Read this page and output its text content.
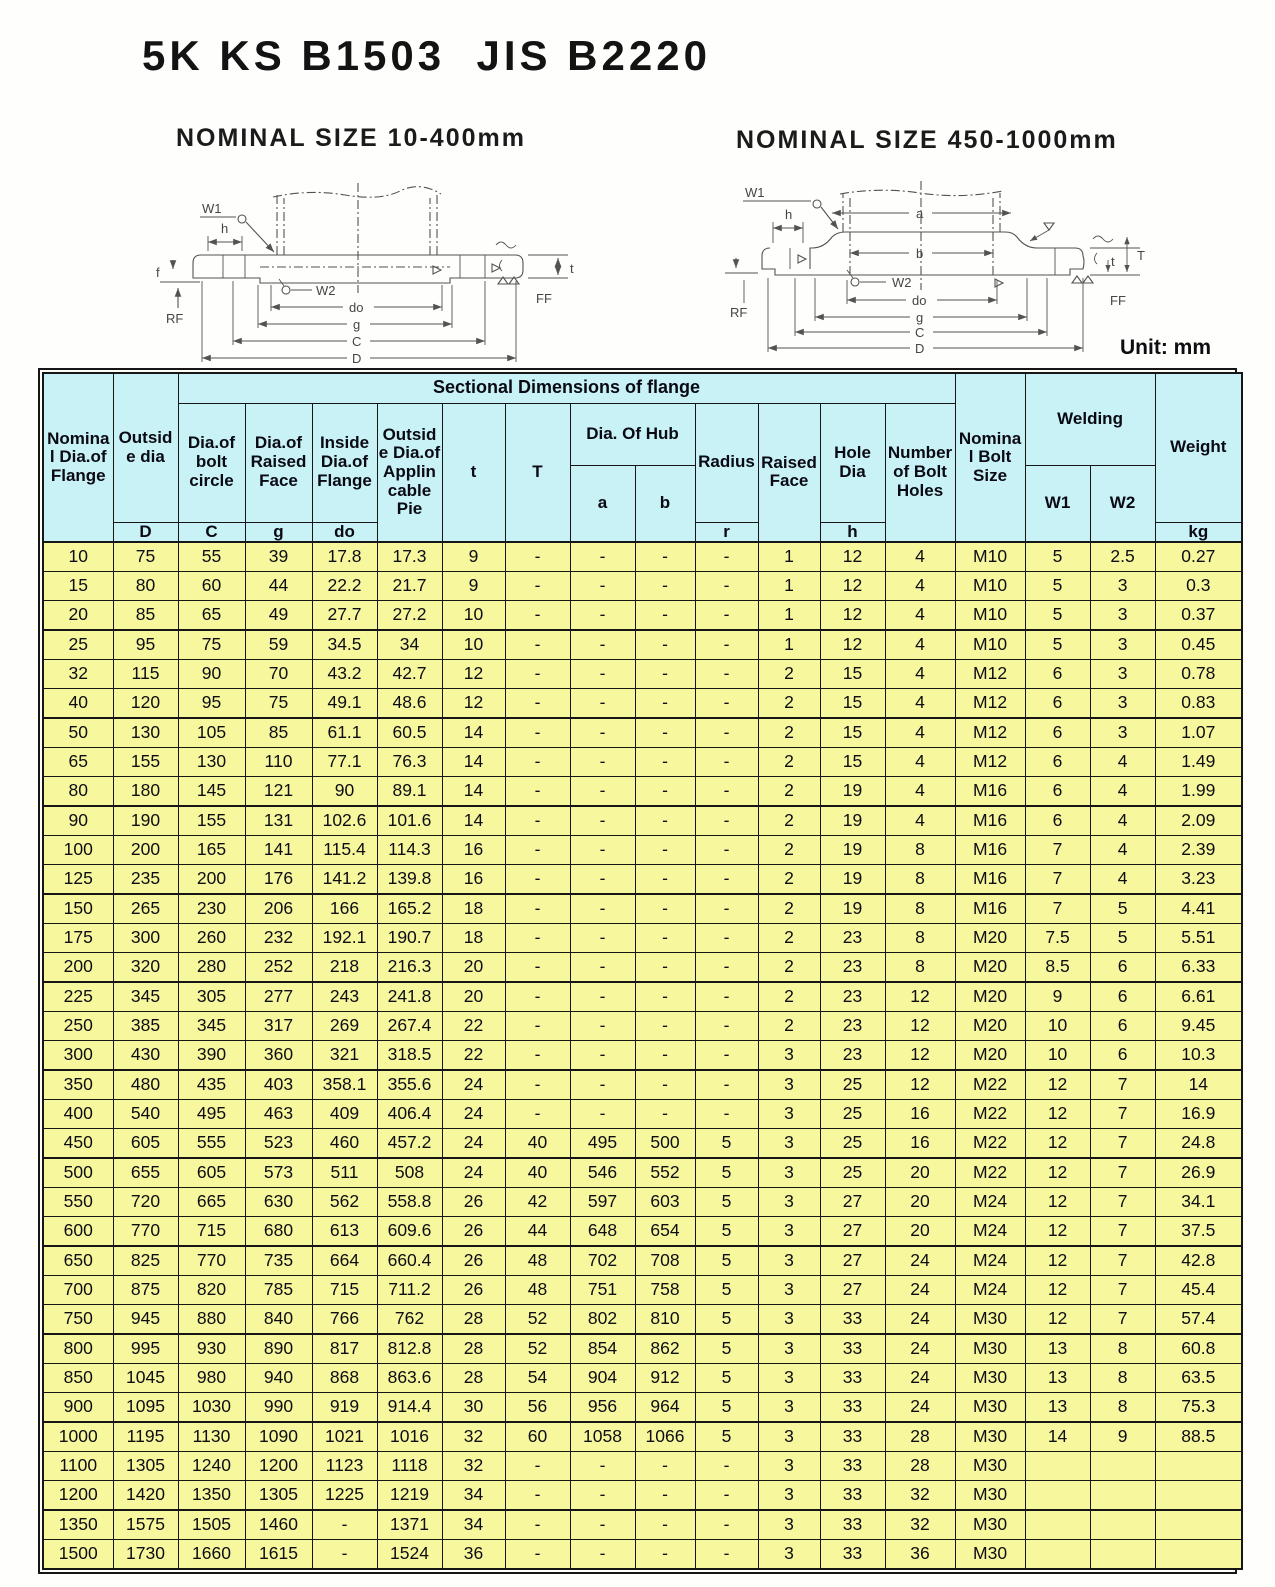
5K KS B1503  JIS B2220
NOMINAL SIZE 10-400mm	NOMINAL SIZE 450-1000mm
W1
W2
h
f
RF
t
FF
do
g
C
D
a
b
W1
W2
h
RF
T
t
FF
do
g
C
D	Unit: mm
Nominal Dia.of Flange	Outside dia	Sectional Dimensions of flange												Nominal Bolt Size	Welding		Weight
		Dia.of bolt circle	Dia.of Raised Face	Inside Dia.of Flange	Outside Dia.of Applincable Pie	t	T	Dia. Of Hub		Radius	Raised Face	Hole Dia	Number of Bolt Holes				
								a	b						W1	W2	
	D	C	g	do						r		h					kg
10	75	55	39	17.8	17.3	9	-	-	-	-	1	12	4	M10	5	2.5	0.27
15	80	60	44	22.2	21.7	9	-	-	-	-	1	12	4	M10	5	3	0.3
20	85	65	49	27.7	27.2	10	-	-	-	-	1	12	4	M10	5	3	0.37
25	95	75	59	34.5	34	10	-	-	-	-	1	12	4	M10	5	3	0.45
32	115	90	70	43.2	42.7	12	-	-	-	-	2	15	4	M12	6	3	0.78
40	120	95	75	49.1	48.6	12	-	-	-	-	2	15	4	M12	6	3	0.83
50	130	105	85	61.1	60.5	14	-	-	-	-	2	15	4	M12	6	3	1.07
65	155	130	110	77.1	76.3	14	-	-	-	-	2	15	4	M12	6	4	1.49
80	180	145	121	90	89.1	14	-	-	-	-	2	19	4	M16	6	4	1.99
90	190	155	131	102.6	101.6	14	-	-	-	-	2	19	4	M16	6	4	2.09
100	200	165	141	115.4	114.3	16	-	-	-	-	2	19	8	M16	7	4	2.39
125	235	200	176	141.2	139.8	16	-	-	-	-	2	19	8	M16	7	4	3.23
150	265	230	206	166	165.2	18	-	-	-	-	2	19	8	M16	7	5	4.41
175	300	260	232	192.1	190.7	18	-	-	-	-	2	23	8	M20	7.5	5	5.51
200	320	280	252	218	216.3	20	-	-	-	-	2	23	8	M20	8.5	6	6.33
225	345	305	277	243	241.8	20	-	-	-	-	2	23	12	M20	9	6	6.61
250	385	345	317	269	267.4	22	-	-	-	-	2	23	12	M20	10	6	9.45
300	430	390	360	321	318.5	22	-	-	-	-	3	23	12	M20	10	6	10.3
350	480	435	403	358.1	355.6	24	-	-	-	-	3	25	12	M22	12	7	14
400	540	495	463	409	406.4	24	-	-	-	-	3	25	16	M22	12	7	16.9
450	605	555	523	460	457.2	24	40	495	500	5	3	25	16	M22	12	7	24.8
500	655	605	573	511	508	24	40	546	552	5	3	25	20	M22	12	7	26.9
550	720	665	630	562	558.8	26	42	597	603	5	3	27	20	M24	12	7	34.1
600	770	715	680	613	609.6	26	44	648	654	5	3	27	20	M24	12	7	37.5
650	825	770	735	664	660.4	26	48	702	708	5	3	27	24	M24	12	7	42.8
700	875	820	785	715	711.2	26	48	751	758	5	3	27	24	M24	12	7	45.4
750	945	880	840	766	762	28	52	802	810	5	3	33	24	M30	12	7	57.4
800	995	930	890	817	812.8	28	52	854	862	5	3	33	24	M30	13	8	60.8
850	1045	980	940	868	863.6	28	54	904	912	5	3	33	24	M30	13	8	63.5
900	1095	1030	990	919	914.4	30	56	956	964	5	3	33	24	M30	13	8	75.3
1000	1195	1130	1090	1021	1016	32	60	1058	1066	5	3	33	28	M30	14	9	88.5
1100	1305	1240	1200	1123	1118	32	-	-	-	-	3	33	28	M30			
1200	1420	1350	1305	1225	1219	34	-	-	-	-	3	33	32	M30			
1350	1575	1505	1460	-	1371	34	-	-	-	-	3	33	32	M30			
1500	1730	1660	1615	-	1524	36	-	-	-	-	3	33	36	M30			
